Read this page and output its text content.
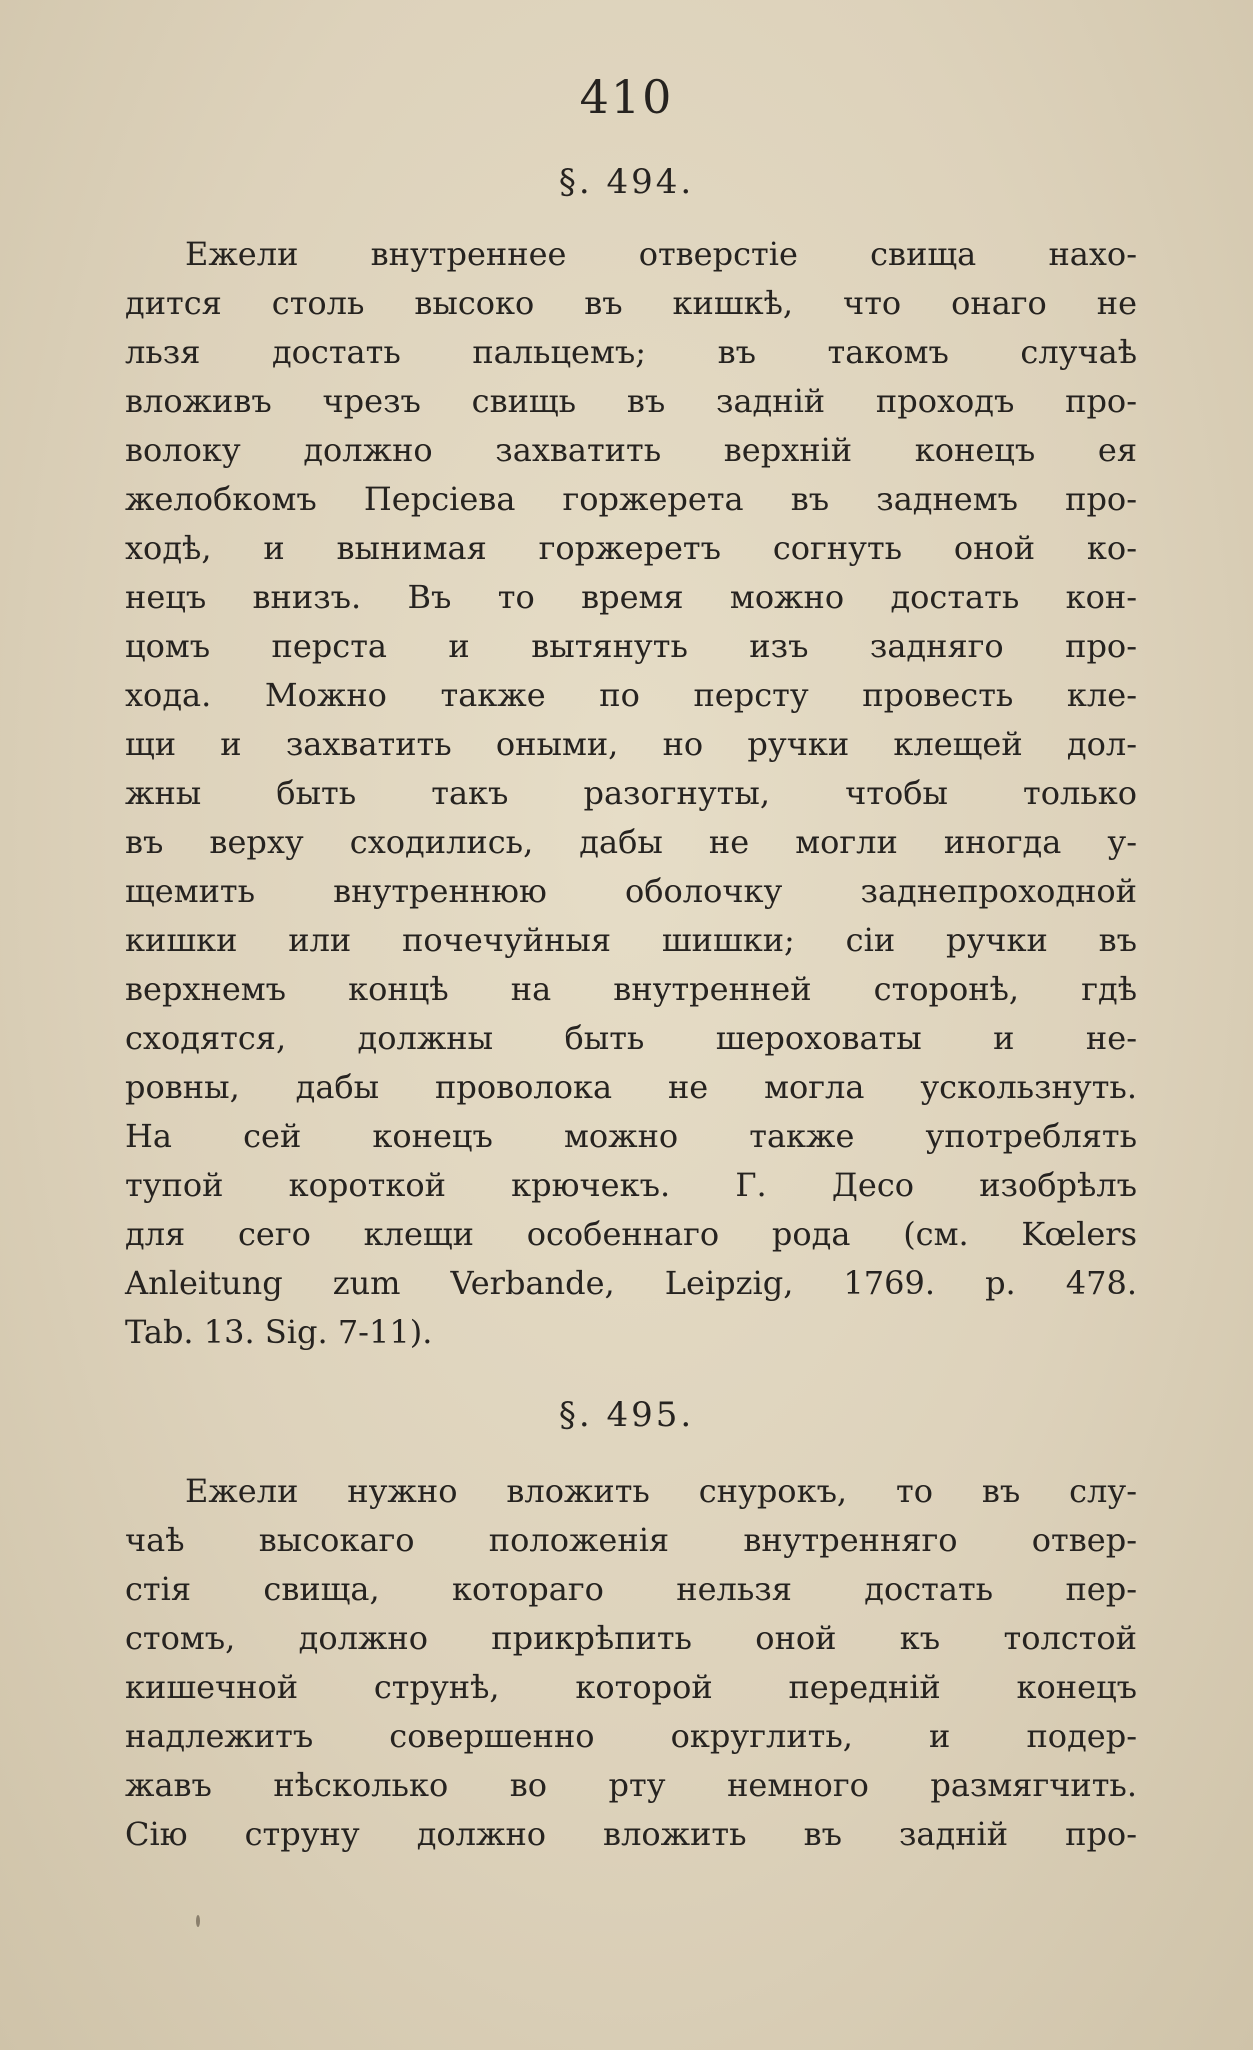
410
§. 494.
Ежели внутреннее отверстіе свища нахо-
дится столь высоко въ кишкѣ, что онаго не
льзя достать пальцемъ; въ такомъ случаѣ
вложивъ чрезъ свищь въ задній проходъ про-
волоку должно захватить верхній конецъ ея
желобкомъ Персіева горжерета въ заднемъ про-
ходѣ, и вынимая горжеретъ согнуть оной ко-
нецъ внизъ. Въ то время можно достать кон-
цомъ перста и вытянуть изъ задняго про-
хода. Можно также по персту провесть кле-
щи и захватить оными, но ручки клещей дол-
жны быть такъ разогнуты, чтобы только
въ верху сходились, дабы не могли иногда у-
щемить внутреннюю оболочку заднепроходной
кишки или почечуйныя шишки; сіи ручки въ
верхнемъ концѣ на внутренней сторонѣ, гдѣ
сходятся, должны быть шероховаты и не-
ровны, дабы проволока не могла ускользнуть.
На сей конецъ можно также употреблять
тупой короткой крючекъ. Г. Десо изобрѣлъ
для сего клещи особеннаго рода (см. Kœlers
Anleitung zum Verbande, Leipzig, 1769. p. 478.
Tab. 13. Sig. 7-11).
§. 495.
Ежели нужно вложить снурокъ, то въ слу-
чаѣ высокаго положенія внутренняго отвер-
стія свища, котораго нельзя достать пер-
стомъ, должно прикрѣпить оной къ толстой
кишечной струнѣ, которой передній конецъ
надлежитъ совершенно округлить, и подер-
жавъ нѣсколько во рту немного размягчить.
Сію струну должно вложить въ задній про-
